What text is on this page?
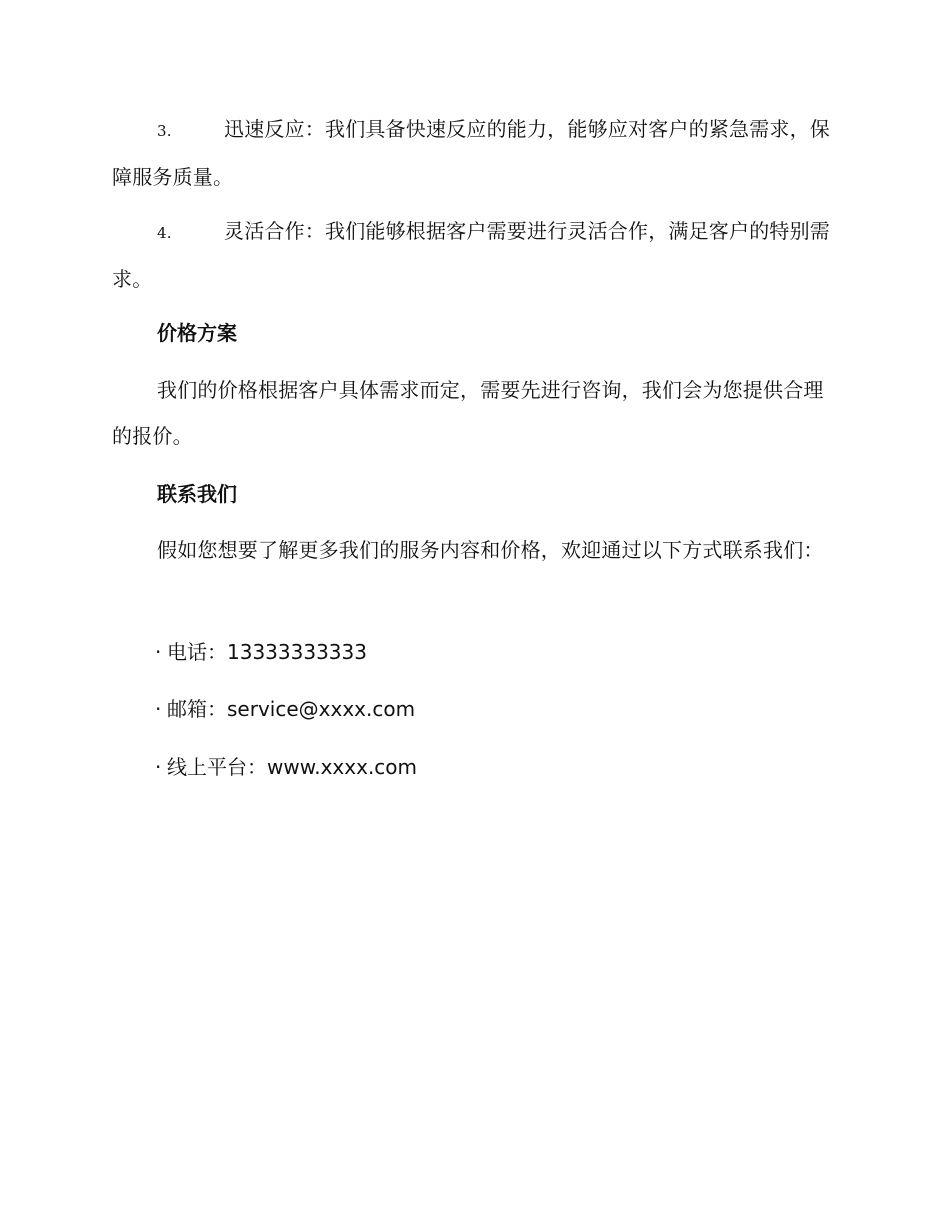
3.	迅速反应：我们具备快速反应的能力，能够应对客户的紧急需求，保障服务质量。

4.	灵活合作：我们能够根据客户需要进行灵活合作，满足客户的特别需求。

价格方案

我们的价格根据客户具体需求而定，需要先进行咨询，我们会为您提供合理的报价。

联系我们

假如您想要了解更多我们的服务内容和价格，欢迎通过以下方式联系我们：

· 电话：13333333333

· 邮箱：service@xxxx.com

· 线上平台：www.xxxx.com
